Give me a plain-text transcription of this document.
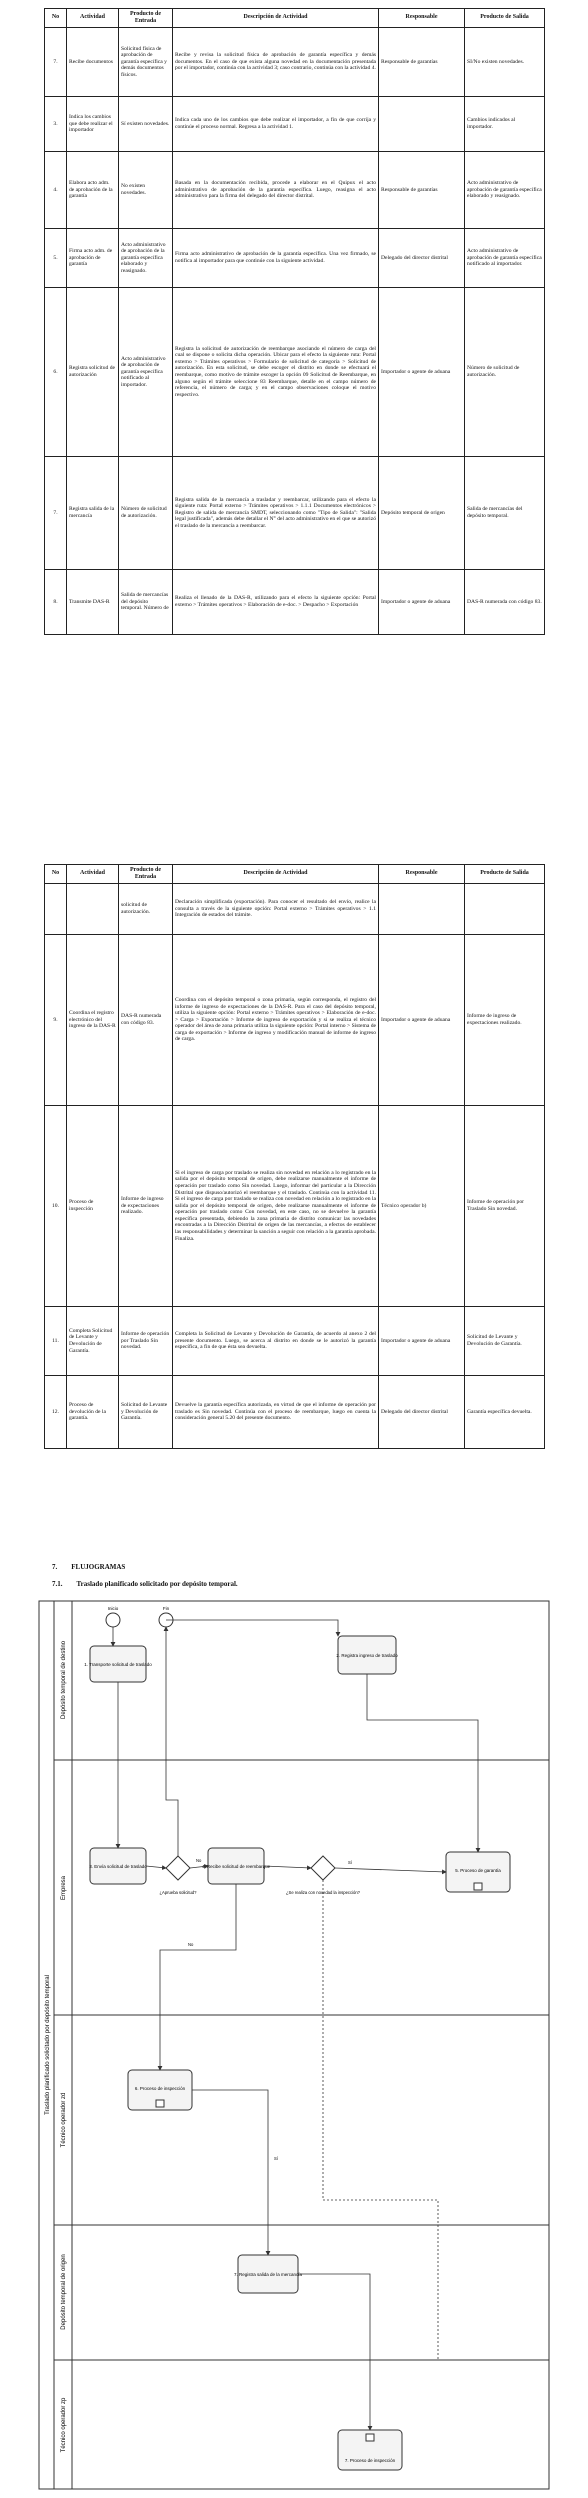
No	Actividad	Producto de Entrada	Descripción de Actividad	Responsable	Producto de Salida
7.	Recibe documentos	Solicitud física de aprobación de garantía específica y demás documentos físicos.	Recibe y revisa la solicitud física de aprobación de garantía específica y demás documentos. En el caso de que exista alguna novedad en la documentación presentada por el importador, continúa con la actividad 3; caso contrario, continúa con la actividad 4.	Responsable de garantías	SI/No existen novedades.
3.	Indica los cambios que debe realizar el importador	Sí existen novedades.	Indica cada uno de los cambios que debe realizar el importador, a fin de que corrija y continúe el proceso normal. Regresa a la actividad 1.		Cambios indicados al importador.
4.	Elabora acto adm. de aprobación de la garantía	No existen novedades.	Basada en la documentación recibida, procede a elaborar en el Quipux el acto administrativo de aprobación de la garantía específica. Luego, reasigna el acto administrativo para la firma del delegado del director distrital.	Responsable de garantías	Acto administrativo de aprobación de garantía específica elaborado y reasignado.
5.	Firma acto adm. de aprobación de garantía	Acto administrativo de aprobación de la garantía específica elaborado y reasignado.	Firma acto administrativo de aprobación de la garantía específica. Una vez firmado, se notifica al importador para que continúe con la siguiente actividad.	Delegado del director distrital	Acto administrativo de aprobación de garantía específica notificado al importador.
6.	Registra solicitud de autorización	Acto administrativo de aprobación de garantía específica notificado al importador.	Registra la solicitud de autorización de reembarque asociando el número de carga del cual se dispone o solicita dicha operación. Ubicar para el efecto la siguiente ruta: Portal externo > Trámites operativos > Formulario de solicitud de categoría > Solicitud de autorización. En esta solicitud, se debe escoger el distrito en donde se efectuará el reembarque, como motivo de trámite escoger la opción 09 Solicitud de Reembarque, en alguno según el trámite seleccione 83 Reembarque, detalle en el campo número de referencia, el número de carga; y en el campo observaciones coloque el motivo respectivo.	Importador o agente de aduana	Número de solicitud de autorización.
7.	Registra salida de la mercancía	Número de solicitud de autorización.	Registra salida de la mercancía a trasladar y reembarcar, utilizando para el efecto la siguiente ruta: Portal externo > Trámites operativos > 1.1.1 Documentos electrónicos > Registro de salida de mercancía SMDT, seleccionando como "Tipo de Salida": "Salida legal justificada", además debe detallar el N° del acto administrativo en el que se autorizó el traslado de la mercancía a reembarcar.	Depósito temporal de origen	Salida de mercancías del depósito temporal.
8.	Transmite DAS-R	Salida de mercancías del depósito temporal. Número de	Realiza el llenado de la DAS-R, utilizando para el efecto la siguiente opción: Portal externo > Trámites operativos > Elaboración de e-doc. > Despacho > Exportación	Importador o agente de aduana	DAS-R numerada con código 83.
No	Actividad	Producto de Entrada	Descripción de Actividad	Responsable	Producto de Salida
		solicitud de autorización.	Declaración simplificada (exportación). Para conocer el resultado del envío, realice la consulta a través de la siguiente opción: Portal externo > Trámites operativos > 1.1 Integración de estados del trámite.		
9.	Coordina el registro electrónico del ingreso de la DAS-R	DAS-R numerada con código 83.	Coordina con el depósito temporal o zona primaria, según corresponda, el registro del informe de ingreso de expectaciones de la DAS-R. Para el caso del depósito temporal, utiliza la siguiente opción: Portal externo > Trámites operativos > Elaboración de e-doc. > Carga > Exportación > Informe de ingreso de exportación y si se realiza el técnico operador del área de zona primaria utiliza la siguiente opción: Portal interno > Sistema de carga de exportación > Informe de ingreso y modificación manual de informe de ingreso de carga.	Importador o agente de aduana	Informe de ingreso de expectaciones realizado.
10.	Proceso de inspección	Informe de ingreso de expectaciones realizado.	Si el ingreso de carga por traslado se realiza sin novedad en relación a lo registrado en la salida por el depósito temporal de origen, debe realizarse manualmente el informe de operación por traslado como Sin novedad. Luego, informar del particular a la Dirección Distrital que dispuso/autorizó el reembarque y el traslado. Continúa con la actividad 11. Si el ingreso de carga por traslado se realiza con novedad en relación a lo registrado en la salida por el depósito temporal de origen, debe realizarse manualmente el informe de operación por traslado como Con novedad, en este caso, no se devuelve la garantía específica presentada, debiendo la zona primaria de distrito comunicar las novedades encontradas a la Dirección Distrital de origen de las mercancías, a efectos de establecer las responsabilidades y determinar la sanción a seguir con relación a la garantía aprobada. Finaliza.	Técnico operador b)	Informe de operación por Traslado Sin novedad.
11.	Completa Solicitud de Levante y Devolución de Garantía.	Informe de operación por Traslado Sin novedad.	Completa la Solicitud de Levante y Devolución de Garantía, de acuerdo al anexo 2 del presente documento. Luego, se acerca al distrito en donde se le autorizó la garantía específica, a fin de que ésta sea devuelta.	Importador o agente de aduana	Solicitud de Levante y Devolución de Garantía.
12.	Proceso de devolución de la garantía.	Solicitud de Levante y Devolución de Garantía.	Devuelve la garantía específica autorizada, en virtud de que el informe de operación por traslado es Sin novedad. Continúa con el proceso de reembarque, luego en cuenta la consideración general 5.20 del presente documento.	Delegado del director distrital	Garantía específica devuelta.
7. FLUJOGRAMAS
7.1. Traslado planificado solicitado por depósito temporal.
Traslado planificado solicitado por depósito temporal
Depósito temporal de destino
Empresa
Técnico operador zd
Depósito temporal de origen
Técnico operador zp
Inicio	Fin
1. Transporte solicitud de traslado
2. Registra ingreso de traslado
3. Envía solicitud de traslado	4. Recibe solicitud de reembarque
5. Proceso de garantía
6. Proceso de inspección
7. Registra salida de la mercancía
7. Proceso de inspección
¿Aprueba solicitud?	¿Se realiza con novedad la inspección?
No	Sí
No
Sí
